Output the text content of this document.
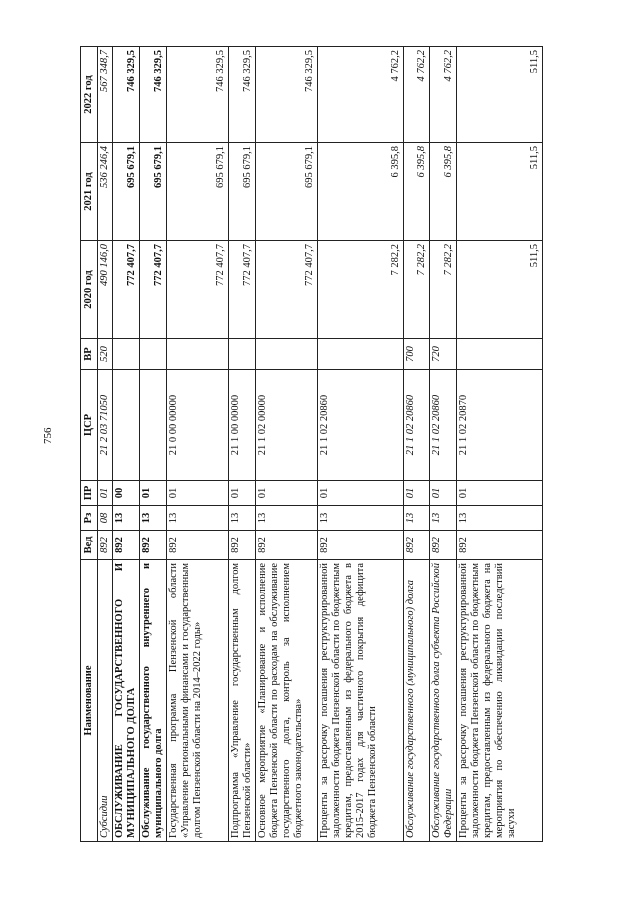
756
Наименование	Вед	Рз	ПР	ЦСР	ВР	2020 год	2021 год	2022 год
Субсидии	892	08	01	21 2 03 71050	520	490 146,0	536 246,4	567 348,7
ОБСЛУЖИВАНИЕ ГОСУДАРСТВЕННОГО И МУНИЦИПАЛЬНОГО ДОЛГА	892	13	00			772 407,7	695 679,1	746 329,5
Обслуживание государственного внутреннего и муниципального долга	892	13	01			772 407,7	695 679,1	746 329,5
Государственная программа Пензенской области «Управление региональными финансами и государственным долгом Пензенской области на 2014–2022 годы»	892	13	01	21 0 00 00000		772 407,7	695 679,1	746 329,5
Подпрограмма «Управление государственным долгом Пензенской области»	892	13	01	21 1 00 00000		772 407,7	695 679,1	746 329,5
Основное мероприятие «Планирование и исполнение бюджета Пензенской области по расходам на обслуживание государственного долга, контроль за исполнением бюджетного законодательства»	892	13	01	21 1 02 00000		772 407,7	695 679,1	746 329,5
Проценты за рассрочку погашения реструктурированной задолженности бюджета Пензенской области по бюджетным кредитам, предоставленным из федерального бюджета в 2015-2017 годах для частичного покрытия дефицита бюджета Пензенской области	892	13	01	21 1 02 20860		7 282,2	6 395,8	4 762,2
Обслуживание государственного (муниципального) долга	892	13	01	21 1 02 20860	700	7 282,2	6 395,8	4 762,2
Обслуживание государственного долга субъекта Российской Федерации	892	13	01	21 1 02 20860	720	7 282,2	6 395,8	4 762,2
Проценты за рассрочку погашения реструктурированной задолженности бюджета Пензенской области по бюджетным кредитам, предоставленным из федерального бюджета на мероприятия по обеспечению ликвидации последствий засухи	892	13	01	21 1 02 20870		511,5	511,5	511,5
